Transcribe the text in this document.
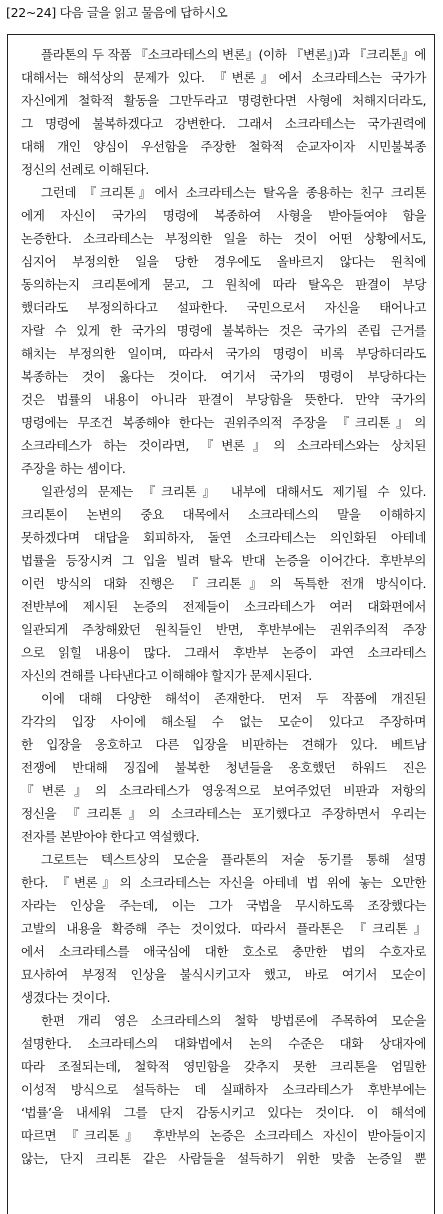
[22~24] 다음 글을 읽고 물음에 답하시오
플라톤의 두 작품 『소크라테스의 변론』(이하 『변론』)과 『크리톤』에
대해서는 해석상의 문제가 있다. 『변론』에서 소크라테스는 국가가
자신에게 철학적 활동을 그만두라고 명령한다면 사형에 처해지더라도,
그 명령에 불복하겠다고 강변한다. 그래서 소크라테스는 국가권력에
대해 개인 양심이 우선함을 주장한 철학적 순교자이자 시민불복종
정신의 선례로 이해된다.
그런데 『크리톤』에서 소크라테스는 탈옥을 종용하는 친구 크리톤
에게 자신이 국가의 명령에 복종하여 사형을 받아들여야 함을
논증한다. 소크라테스는 부정의한 일을 하는 것이 어떤 상황에서도,
심지어 부정의한 일을 당한 경우에도 올바르지 않다는 원칙에
동의하는지 크리톤에게 묻고, 그 원칙에 따라 탈옥은 판결이 부당
했더라도 부정의하다고 설파한다. 국민으로서 자신을 태어나고
자랄 수 있게 한 국가의 명령에 불복하는 것은 국가의 존립 근거를
해치는 부정의한 일이며, 따라서 국가의 명령이 비록 부당하더라도
복종하는 것이 옳다는 것이다. 여기서 국가의 명령이 부당하다는
것은 법률의 내용이 아니라 판결이 부당함을 뜻한다. 만약 국가의
명령에는 무조건 복종해야 한다는 권위주의적 주장을 『크리톤』의
소크라테스가 하는 것이라면, 『변론』의 소크라테스와는 상치된
주장을 하는 셈이다.
일관성의 문제는 『크리톤』 내부에 대해서도 제기될 수 있다.
크리톤이 논변의 중요 대목에서 소크라테스의 말을 이해하지
못하겠다며 대답을 회피하자, 돌연 소크라테스는 의인화된 아테네
법률을 등장시켜 그 입을 빌려 탈옥 반대 논증을 이어간다. 후반부의
이런 방식의 대화 진행은 『크리톤』의 독특한 전개 방식이다.
전반부에 제시된 논증의 전제들이 소크라테스가 여러 대화편에서
일관되게 주창해왔던 원칙들인 반면, 후반부에는 권위주의적 주장
으로 읽힐 내용이 많다. 그래서 후반부 논증이 과연 소크라테스
자신의 견해를 나타낸다고 이해해야 할지가 문제시된다.
이에 대해 다양한 해석이 존재한다. 먼저 두 작품에 개진된
각각의 입장 사이에 해소될 수 없는 모순이 있다고 주장하며
한 입장을 옹호하고 다른 입장을 비판하는 견해가 있다. 베트남
전쟁에 반대해 징집에 불복한 청년들을 옹호했던 하워드 진은
『변론』의 소크라테스가 영웅적으로 보여주었던 비판과 저항의
정신을 『크리톤』의 소크라테스는 포기했다고 주장하면서 우리는
전자를 본받아야 한다고 역설했다.
그로트는 텍스트상의 모순을 플라톤의 저술 동기를 통해 설명
한다. 『변론』의 소크라테스는 자신을 아테네 법 위에 놓는 오만한
자라는 인상을 주는데, 이는 그가 국법을 무시하도록 조장했다는
고발의 내용을 확증해 주는 것이었다. 따라서 플라톤은 『크리톤』
에서 소크라테스를 애국심에 대한 호소로 충만한 법의 수호자로
묘사하여 부정적 인상을 불식시키고자 했고, 바로 여기서 모순이
생겼다는 것이다.
한편 개리 영은 소크라테스의 철학 방법론에 주목하여 모순을
설명한다. 소크라테스의 대화법에서 논의 수준은 대화 상대자에
따라 조절되는데, 철학적 영민함을 갖추지 못한 크리톤을 엄밀한
이성적 방식으로 설득하는 데 실패하자 소크라테스가 후반부에는
‘법률’을 내세워 그를 단지 감동시키고 있다는 것이다. 이 해석에
따르면 『크리톤』 후반부의 논증은 소크라테스 자신이 받아들이지
않는, 단지 크리톤 같은 사람들을 설득하기 위한 맞춤 논증일 뿐
